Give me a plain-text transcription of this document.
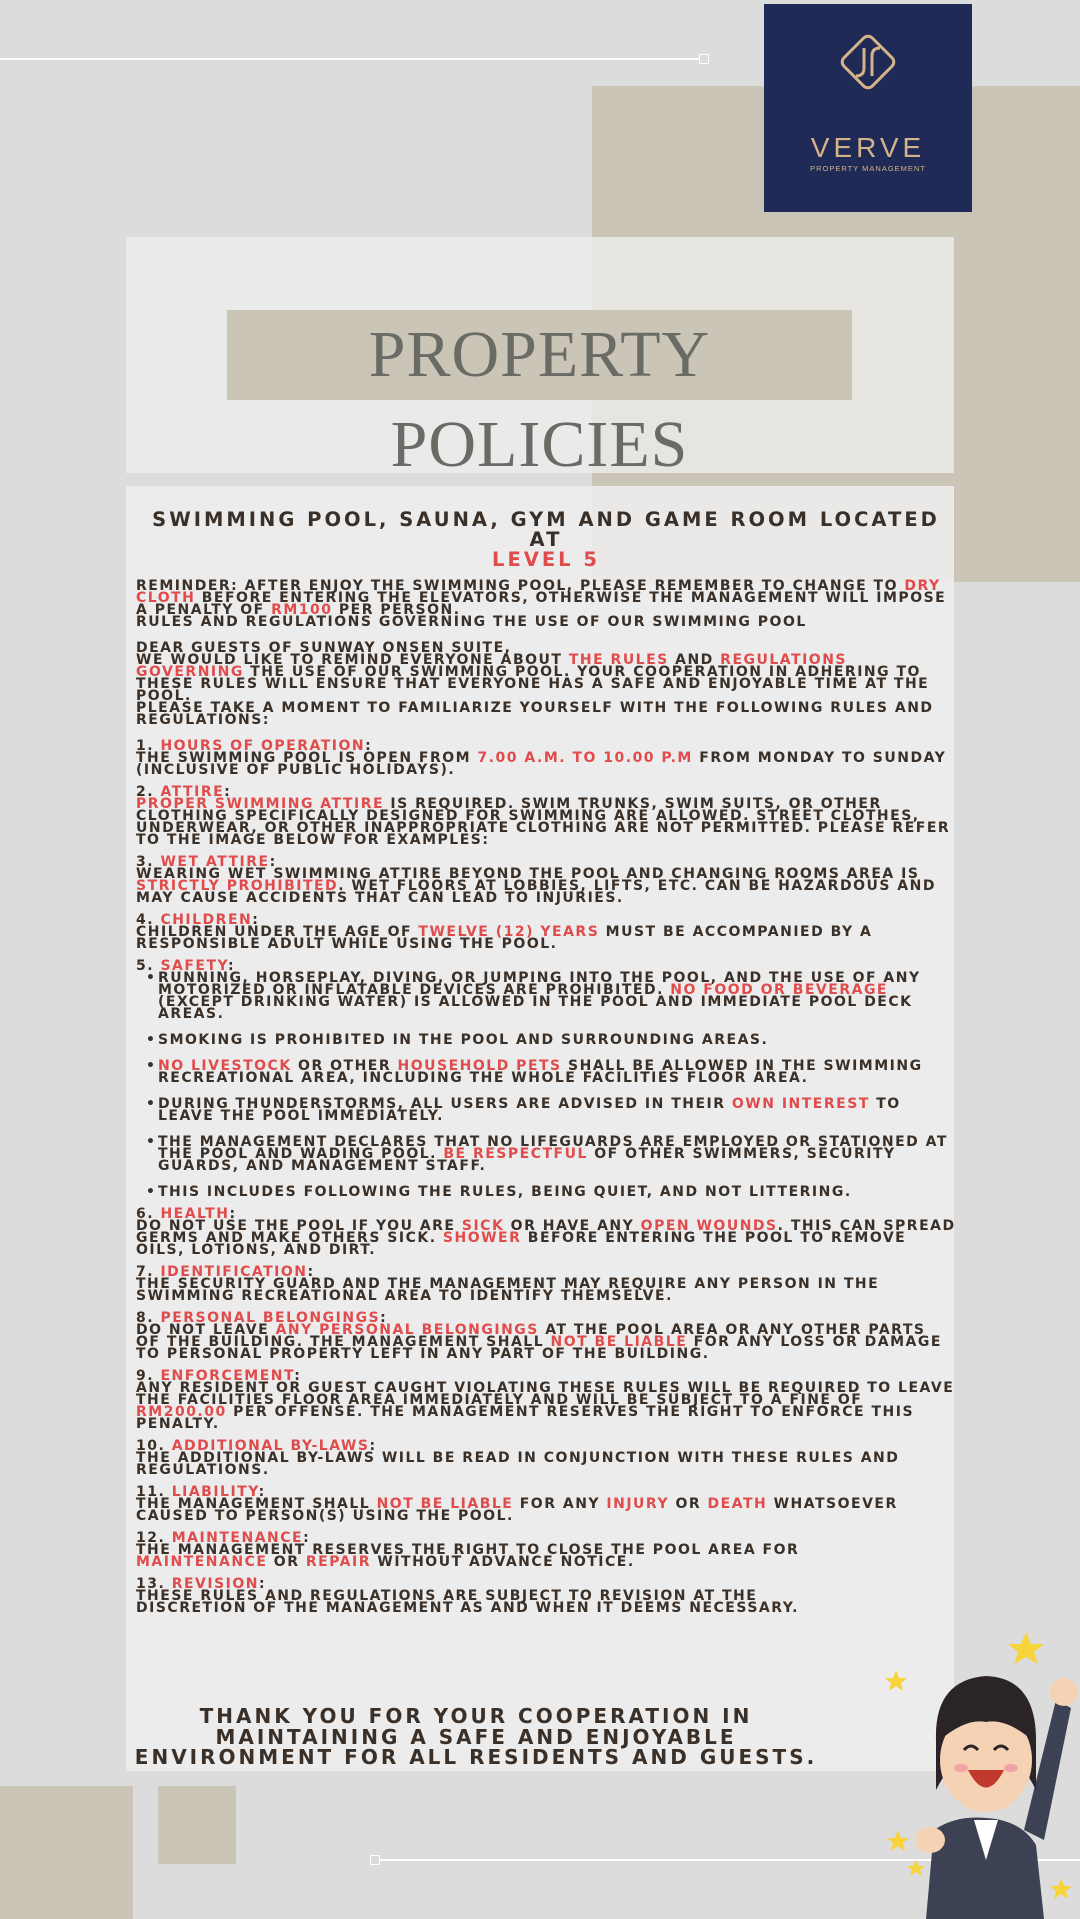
VERVE
PROPERTY MANAGEMENT
PROPERTY POLICIES
SWIMMING POOL, SAUNA, GYM AND GAME ROOM LOCATED AT
LEVEL 5

REMINDER: AFTER ENJOY THE SWIMMING POOL, PLEASE REMEMBER TO CHANGE TO DRY CLOTH BEFORE ENTERING THE ELEVATORS, OTHERWISE THE MANAGEMENT WILL IMPOSE A PENALTY OF RM100 PER PERSON.

RULES AND REGULATIONS GOVERNING THE USE OF OUR SWIMMING POOL

DEAR GUESTS OF SUNWAY ONSEN SUITE,

WE WOULD LIKE TO REMIND EVERYONE ABOUT THE RULES AND REGULATIONS GOVERNING THE USE OF OUR SWIMMING POOL. YOUR COOPERATION IN ADHERING TO THESE RULES WILL ENSURE THAT EVERYONE HAS A SAFE AND ENJOYABLE TIME AT THE POOL.

PLEASE TAKE A MOMENT TO FAMILIARIZE YOURSELF WITH THE FOLLOWING RULES AND REGULATIONS:

1. HOURS OF OPERATION:

THE SWIMMING POOL IS OPEN FROM 7.00 A.M. TO 10.00 P.M FROM MONDAY TO SUNDAY (INCLUSIVE OF PUBLIC HOLIDAYS).

2. ATTIRE:

PROPER SWIMMING ATTIRE IS REQUIRED. SWIM TRUNKS, SWIM SUITS, OR OTHER CLOTHING SPECIFICALLY DESIGNED FOR SWIMMING ARE ALLOWED. STREET CLOTHES, UNDERWEAR, OR OTHER INAPPROPRIATE CLOTHING ARE NOT PERMITTED. PLEASE REFER TO THE IMAGE BELOW FOR EXAMPLES:

3. WET ATTIRE:

WEARING WET SWIMMING ATTIRE BEYOND THE POOL AND CHANGING ROOMS AREA IS STRICTLY PROHIBITED. WET FLOORS AT LOBBIES, LIFTS, ETC. CAN BE HAZARDOUS AND MAY CAUSE ACCIDENTS THAT CAN LEAD TO INJURIES.

4. CHILDREN:

CHILDREN UNDER THE AGE OF TWELVE (12) YEARS MUST BE ACCOMPANIED BY A RESPONSIBLE ADULT WHILE USING THE POOL.

5. SAFETY:

• RUNNING, HORSEPLAY, DIVING, OR JUMPING INTO THE POOL, AND THE USE OF ANY MOTORIZED OR INFLATABLE DEVICES ARE PROHIBITED. NO FOOD OR BEVERAGE (EXCEPT DRINKING WATER) IS ALLOWED IN THE POOL AND IMMEDIATE POOL DECK AREAS.
• SMOKING IS PROHIBITED IN THE POOL AND SURROUNDING AREAS.
• NO LIVESTOCK OR OTHER HOUSEHOLD PETS SHALL BE ALLOWED IN THE SWIMMING RECREATIONAL AREA, INCLUDING THE WHOLE FACILITIES FLOOR AREA.
• DURING THUNDERSTORMS, ALL USERS ARE ADVISED IN THEIR OWN INTEREST TO LEAVE THE POOL IMMEDIATELY.
• THE MANAGEMENT DECLARES THAT NO LIFEGUARDS ARE EMPLOYED OR STATIONED AT THE POOL AND WADING POOL. BE RESPECTFUL OF OTHER SWIMMERS, SECURITY GUARDS, AND MANAGEMENT STAFF.
• THIS INCLUDES FOLLOWING THE RULES, BEING QUIET, AND NOT LITTERING.

6. HEALTH:

DO NOT USE THE POOL IF YOU ARE SICK OR HAVE ANY OPEN WOUNDS. THIS CAN SPREAD GERMS AND MAKE OTHERS SICK. SHOWER BEFORE ENTERING THE POOL TO REMOVE OILS, LOTIONS, AND DIRT.

7. IDENTIFICATION:

THE SECURITY GUARD AND THE MANAGEMENT MAY REQUIRE ANY PERSON IN THE SWIMMING RECREATIONAL AREA TO IDENTIFY THEMSELVE.

8. PERSONAL BELONGINGS:

DO NOT LEAVE ANY PERSONAL BELONGINGS AT THE POOL AREA OR ANY OTHER PARTS OF THE BUILDING. THE MANAGEMENT SHALL NOT BE LIABLE FOR ANY LOSS OR DAMAGE TO PERSONAL PROPERTY LEFT IN ANY PART OF THE BUILDING.

9. ENFORCEMENT:

ANY RESIDENT OR GUEST CAUGHT VIOLATING THESE RULES WILL BE REQUIRED TO LEAVE THE FACILITIES FLOOR AREA IMMEDIATELY AND WILL BE SUBJECT TO A FINE OF RM200.00 PER OFFENSE. THE MANAGEMENT RESERVES THE RIGHT TO ENFORCE THIS PENALTY.

10. ADDITIONAL BY-LAWS:

THE ADDITIONAL BY-LAWS WILL BE READ IN CONJUNCTION WITH THESE RULES AND REGULATIONS.

11. LIABILITY:

THE MANAGEMENT SHALL NOT BE LIABLE FOR ANY INJURY OR DEATH WHATSOEVER CAUSED TO PERSON(S) USING THE POOL.

12. MAINTENANCE:

THE MANAGEMENT RESERVES THE RIGHT TO CLOSE THE POOL AREA FOR      MAINTENANCE OR REPAIR WITHOUT ADVANCE NOTICE.

13. REVISION:

THESE RULES AND REGULATIONS ARE SUBJECT TO REVISION AT THE DISCRETION OF THE MANAGEMENT AS AND WHEN IT DEEMS NECESSARY.

THANK YOU FOR YOUR COOPERATION IN MAINTAINING A SAFE AND ENJOYABLE ENVIRONMENT FOR ALL RESIDENTS AND GUESTS.
